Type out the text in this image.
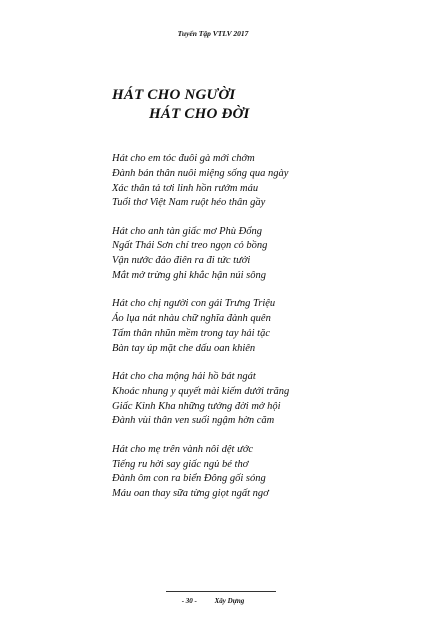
Tuyển Tập VTLV 2017
HÁT CHO NGƯỜI
HÁT CHO ĐỜI
Hát cho em tóc đuôi gà mới chớm
Đành bán thân nuôi miệng sống qua ngày
Xác thân tả tơi linh hồn rướm máu
Tuổi thơ Việt Nam ruột héo thân gầy
Hát cho anh tàn giấc mơ Phù Đổng
Ngất Thái Sơn chí treo ngọn cỏ bồng
Vận nước đảo điên ra đi tức tưởi
Mắt mở trừng ghi khắc hận núi sông
Hát cho chị người con gái Trưng Triệu
Áo lụa nát nhàu chữ nghĩa đành quên
Tấm thân nhũn mềm trong tay hải tặc
Bàn tay úp mặt che dấu oan khiên
Hát cho cha mộng hải hồ bát ngát
Khoác nhung y quyết mài kiếm dưới trăng
Giấc Kinh Kha những tưởng đời mở hội
Đành vùi thân ven suối ngậm hờn căm
Hát cho mẹ trên vành nôi dệt ước
Tiếng ru hời say giấc ngủ bé thơ
Đành ôm con ra biển Đông gối sóng
Máu oan thay sữa từng giọt ngất ngơ
- 30 -	Xây Dựng
